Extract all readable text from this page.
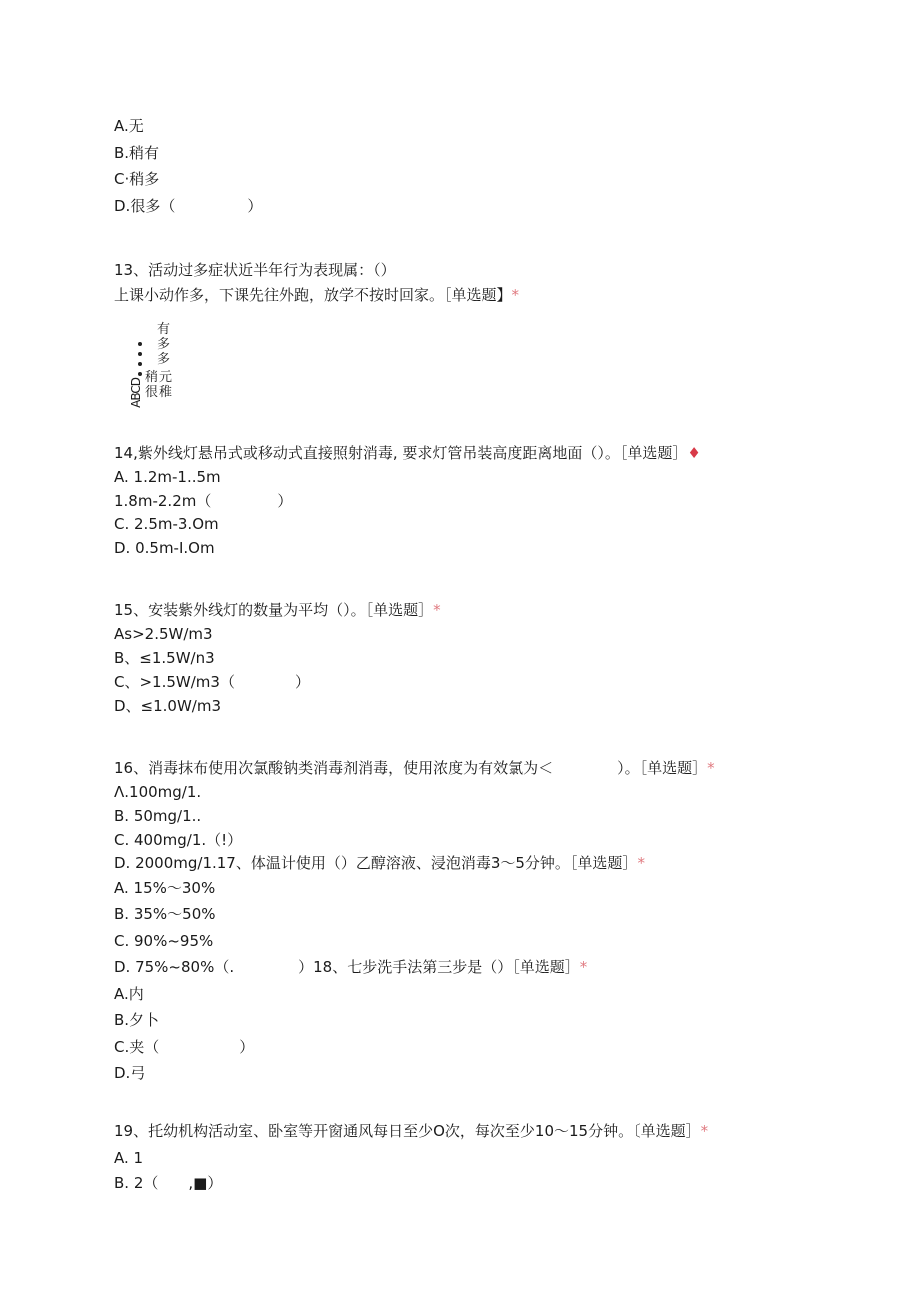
A.无
B.稍有
C·稍多
D.很多（	）
13、活动过多症状近半年行为表现属：（）
上课小动作多，下课先往外跑，放学不按时回家。［单选题】*
有
多
多
稍
很
元
稚
ABCD
14,紫外线灯悬吊式或移动式直接照射消毒, 要求灯管吊装高度距离地面（）。［单选题］♦
A. 1.2m-1..5m
1.8m-2.2m（	）
C. 2.5m-3.Om
D. 0.5m-I.Om
15、安装紫外线灯的数量为平均（）。［单选题］*
As>2.5W∕m3
B、≤1.5W∕n3
C、>1.5W∕m3（	）
D、≤1.0W∕m3
16、消毒抹布使用次氯酸钠类消毒剂消毒，使用浓度为有效氯为＜	）。［单选题］*
Λ.100mg/1.
B. 50mg∕1..
C. 400mg∕1.（!）
D. 2000mg/1.17、体温计使用（）乙醇溶液、浸泡消毒3〜5分钟。［单选题］*
A. 15%〜30%
B. 35%〜50%
C. 90%~95%
D. 75%~80%（.	）18、七步洗手法第三步是（）［单选题］*
A.内
B.夕卜
C.夹（	）
D.弓
19、托幼机构活动室、卧室等开窗通风每日至少O次，每次至少10〜15分钟。〔单选题］*
A. 1
B. 2（ ,■）
